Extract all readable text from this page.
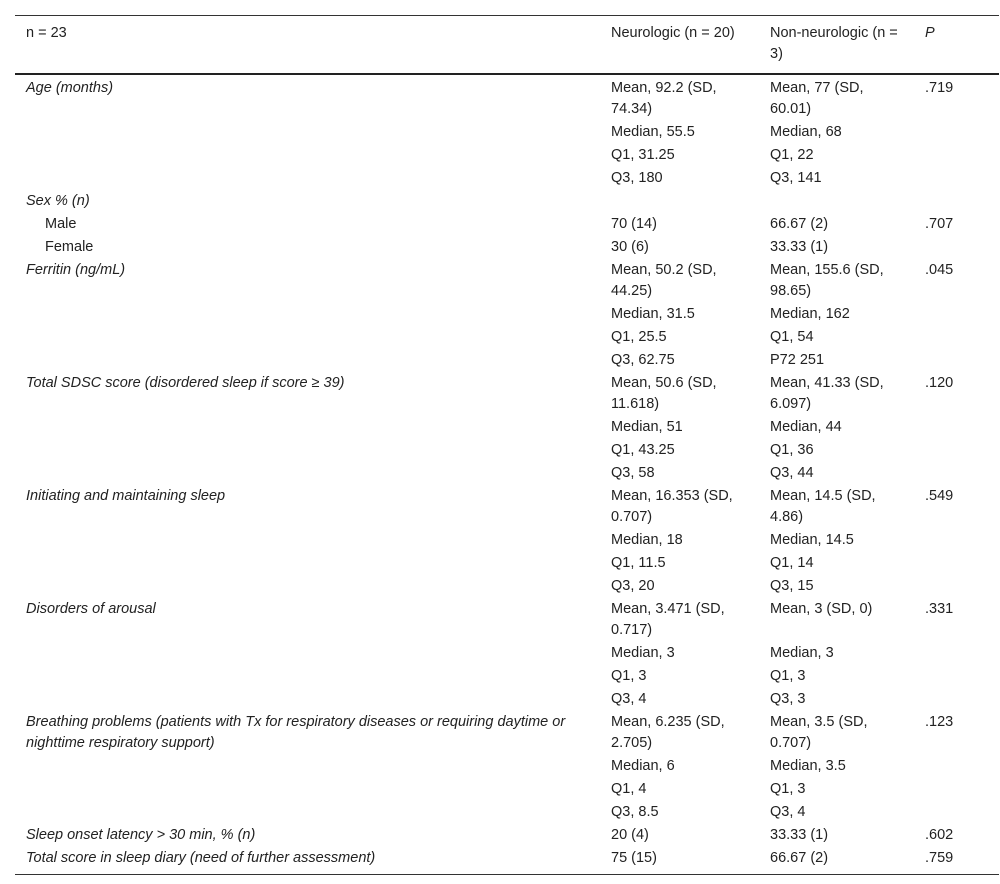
n = 23	Neurologic (n = 20)	Non-neurologic (n = 3)	P
Age (months)	Mean, 92.2 (SD, 74.34)	Mean, 77 (SD, 60.01)	.719
	Median, 55.5	Median, 68	
	Q1, 31.25	Q1, 22	
	Q3, 180	Q3, 141	
Sex % (n)			
Male	70 (14)	66.67 (2)	.707
Female	30 (6)	33.33 (1)	
Ferritin (ng/mL)	Mean, 50.2 (SD, 44.25)	Mean, 155.6 (SD, 98.65)	.045
	Median, 31.5	Median, 162	
	Q1, 25.5	Q1, 54	
	Q3, 62.75	P72 251	
Total SDSC score (disordered sleep if score ≥ 39)	Mean, 50.6 (SD, 11.618)	Mean, 41.33 (SD, 6.097)	.120
	Median, 51	Median, 44	
	Q1, 43.25	Q1, 36	
	Q3, 58	Q3, 44	
Initiating and maintaining sleep	Mean, 16.353 (SD, 0.707)	Mean, 14.5 (SD, 4.86)	.549
	Median, 18	Median, 14.5	
	Q1, 11.5	Q1, 14	
	Q3, 20	Q3, 15	
Disorders of arousal	Mean, 3.471 (SD, 0.717)	Mean, 3 (SD, 0)	.331
	Median, 3	Median, 3	
	Q1, 3	Q1, 3	
	Q3, 4	Q3, 3	
Breathing problems (patients with Tx for respiratory diseases or requiring daytime or nighttime respiratory support)	Mean, 6.235 (SD, 2.705)	Mean, 3.5 (SD, 0.707)	.123
	Median, 6	Median, 3.5	
	Q1, 4	Q1, 3	
	Q3, 8.5	Q3, 4	
Sleep onset latency > 30 min, % (n)	20 (4)	33.33 (1)	.602
Total score in sleep diary (need of further assessment)	75 (15)	66.67 (2)	.759
